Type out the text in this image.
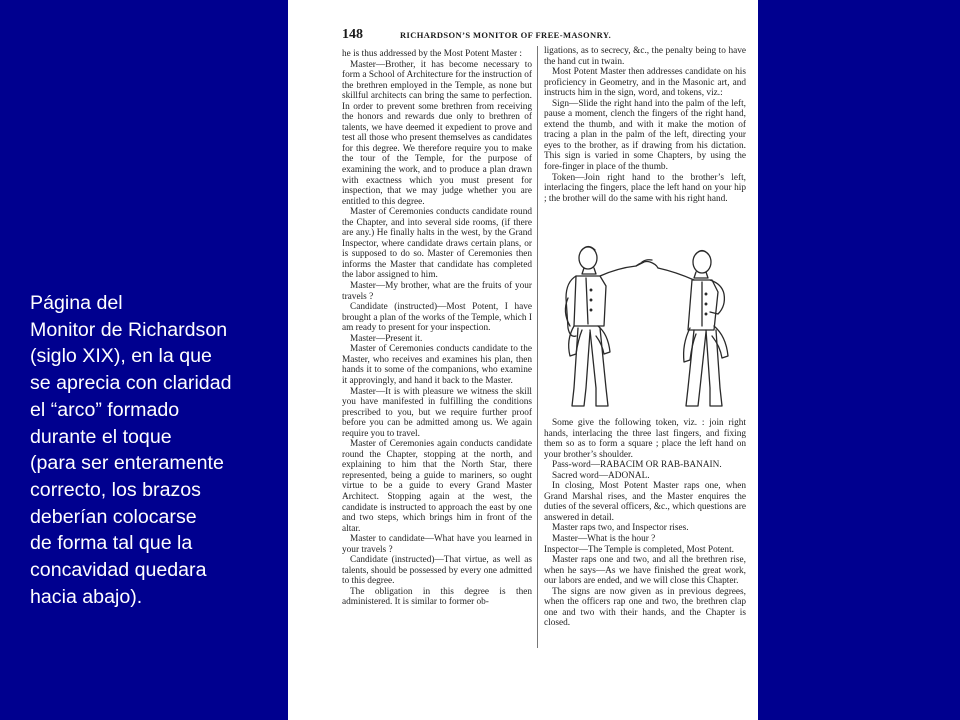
Página del
Monitor de Richardson
(siglo XIX), en la que
se aprecia con claridad
el “arco” formado
durante el toque
(para ser enteramente
correcto, los brazos
deberían colocarse
de forma tal que la
concavidad quedara
hacia abajo).
148	RICHARDSON’S MONITOR OF FREE-MASONRY.

he is thus addressed by the Most Potent Master :

Master—Brother, it has become necessary to form a School of Architecture for the instruction of the brethren employed in the Temple, as none but skillful architects can bring the same to perfection. In order to prevent some brethren from receiving the honors and rewards due only to brethren of talents, we have deemed it expedient to prove and test all those who present themselves as candidates for this degree. We therefore require you to make the tour of the Temple, for the purpose of examining the work, and to produce a plan drawn with exactness which you must present for inspection, that we may judge whether you are entitled to this degree.

Master of Ceremonies conducts candidate round the Chapter, and into several side rooms, (if there are any.) He finally halts in the west, by the Grand Inspector, where candidate draws certain plans, or is supposed to do so. Master of Ceremonies then informs the Master that candidate has completed the labor assigned to him.

Master—My brother, what are the fruits of your travels ?

Candidate (instructed)—Most Potent, I have brought a plan of the works of the Temple, which I am ready to present for your inspection.

Master—Present it.

Master of Ceremonies conducts candidate to the Master, who receives and examines his plan, then hands it to some of the companions, who examine it approvingly, and hand it back to the Master.

Master—It is with pleasure we witness the skill you have manifested in fulfilling the conditions prescribed to you, but we require further proof before you can be admitted among us. We again require you to travel.

Master of Ceremonies again conducts candidate round the Chapter, stopping at the north, and explaining to him that the North Star, there represented, being a guide to mariners, so ought virtue to be a guide to every Grand Master Architect. Stopping again at the west, the candidate is instructed to approach the east by one and two steps, which brings him in front of the altar.

Master to candidate—What have you learned in your travels ?

Candidate (instructed)—That virtue, as well as talents, should be possessed by every one admitted to this degree.

The obligation in this degree is then administered. It is similar to former ob-

ligations, as to secrecy, &c., the penalty being to have the hand cut in twain.

Most Potent Master then addresses candidate on his proficiency in Geometry, and in the Masonic art, and instructs him in the sign, word, and tokens, viz.:

Sign—Slide the right hand into the palm of the left, pause a moment, clench the fingers of the right hand, extend the thumb, and with it make the motion of tracing a plan in the palm of the left, directing your eyes to the brother, as if drawing from his dictation. This sign is varied in some Chapters, by using the fore-finger in place of the thumb.

Token—Join right hand to the brother’s left, interlacing the fingers, place the left hand on your hip ; the brother will do the same with his right hand.

Some give the following token, viz. : join right hands, interlacing the three last fingers, and fixing them so as to form a square ; place the left hand on your brother’s shoulder.

Pass-word—RABACIM OR RAB-BANAIN.

Sacred word—ADONAL.

In closing, Most Potent Master raps one, when Grand Marshal rises, and the Master enquires the duties of the several officers, &c., which questions are answered in detail.

Master raps two, and Inspector rises.

Master—What is the hour ?

Inspector—The Temple is completed, Most Potent.

Master raps one and two, and all the brethren rise, when he says—As we have finished the great work, our labors are ended, and we will close this Chapter.

The signs are now given as in previous degrees, when the officers rap one and two, the brethren clap one and two with their hands, and the Chapter is closed.
